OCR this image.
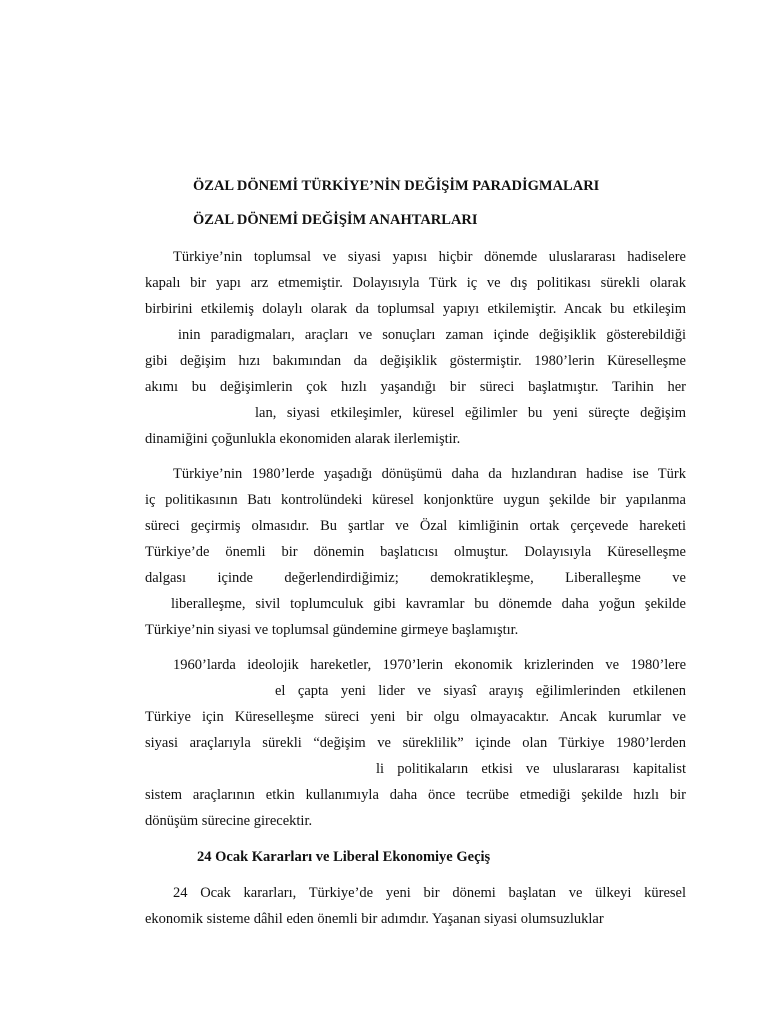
ÖZAL DÖNEMİ TÜRKİYE’NİN DEĞİŞİM PARADİGMALARI
ÖZAL DÖNEMİ DEĞİŞİM ANAHTARLARI
Türkiye’nin toplumsal ve siyasi yapısı hiçbir dönemde uluslararası hadiselere
kapalı bir yapı arz etmemiştir. Dolayısıyla Türk iç ve dış politikası sürekli olarak
birbirini etkilemiş dolaylı olarak da toplumsal yapıyı etkilemiştir. Ancak bu etkileşim
inin paradigmaları, araçları ve sonuçları zaman içinde değişiklik gösterebildiği
gibi değişim hızı bakımından da değişiklik göstermiştir. 1980’lerin Küreselleşme
akımı bu değişimlerin çok hızlı yaşandığı bir süreci başlatmıştır. Tarihin her
lan, siyasi etkileşimler, küresel eğilimler bu yeni süreçte değişim
dinamiğini çoğunlukla ekonomiden alarak ilerlemiştir.
Türkiye’nin 1980’lerde yaşadığı dönüşümü daha da hızlandıran hadise ise Türk
iç politikasının Batı kontrolündeki küresel konjonktüre uygun şekilde bir yapılanma
süreci geçirmiş olmasıdır. Bu şartlar ve Özal kimliğinin ortak çerçevede hareketi
Türkiye’de önemli bir dönemin başlatıcısı olmuştur. Dolayısıyla Küreselleşme
dalgası içinde değerlendirdiğimiz; demokratikleşme, Liberalleşme ve
liberalleşme, sivil toplumculuk gibi kavramlar bu dönemde daha yoğun şekilde
Türkiye’nin siyasi ve toplumsal gündemine girmeye başlamıştır.
1960’larda ideolojik hareketler, 1970’lerin ekonomik krizlerinden ve 1980’lere
el çapta yeni lider ve siyasî arayış eğilimlerinden etkilenen
Türkiye için Küreselleşme süreci yeni bir olgu olmayacaktır. Ancak kurumlar ve
siyasi araçlarıyla sürekli “değişim ve süreklilik” içinde olan Türkiye 1980’lerden
li politikaların etkisi ve uluslararası kapitalist
sistem araçlarının etkin kullanımıyla daha önce tecrübe etmediği şekilde hızlı bir
dönüşüm sürecine girecektir.
24 Ocak Kararları ve Liberal Ekonomiye Geçiş
24 Ocak kararları, Türkiye’de yeni bir dönemi başlatan ve ülkeyi küresel
ekonomik sisteme dâhil eden önemli bir adımdır. Yaşanan siyasi olumsuzluklar
